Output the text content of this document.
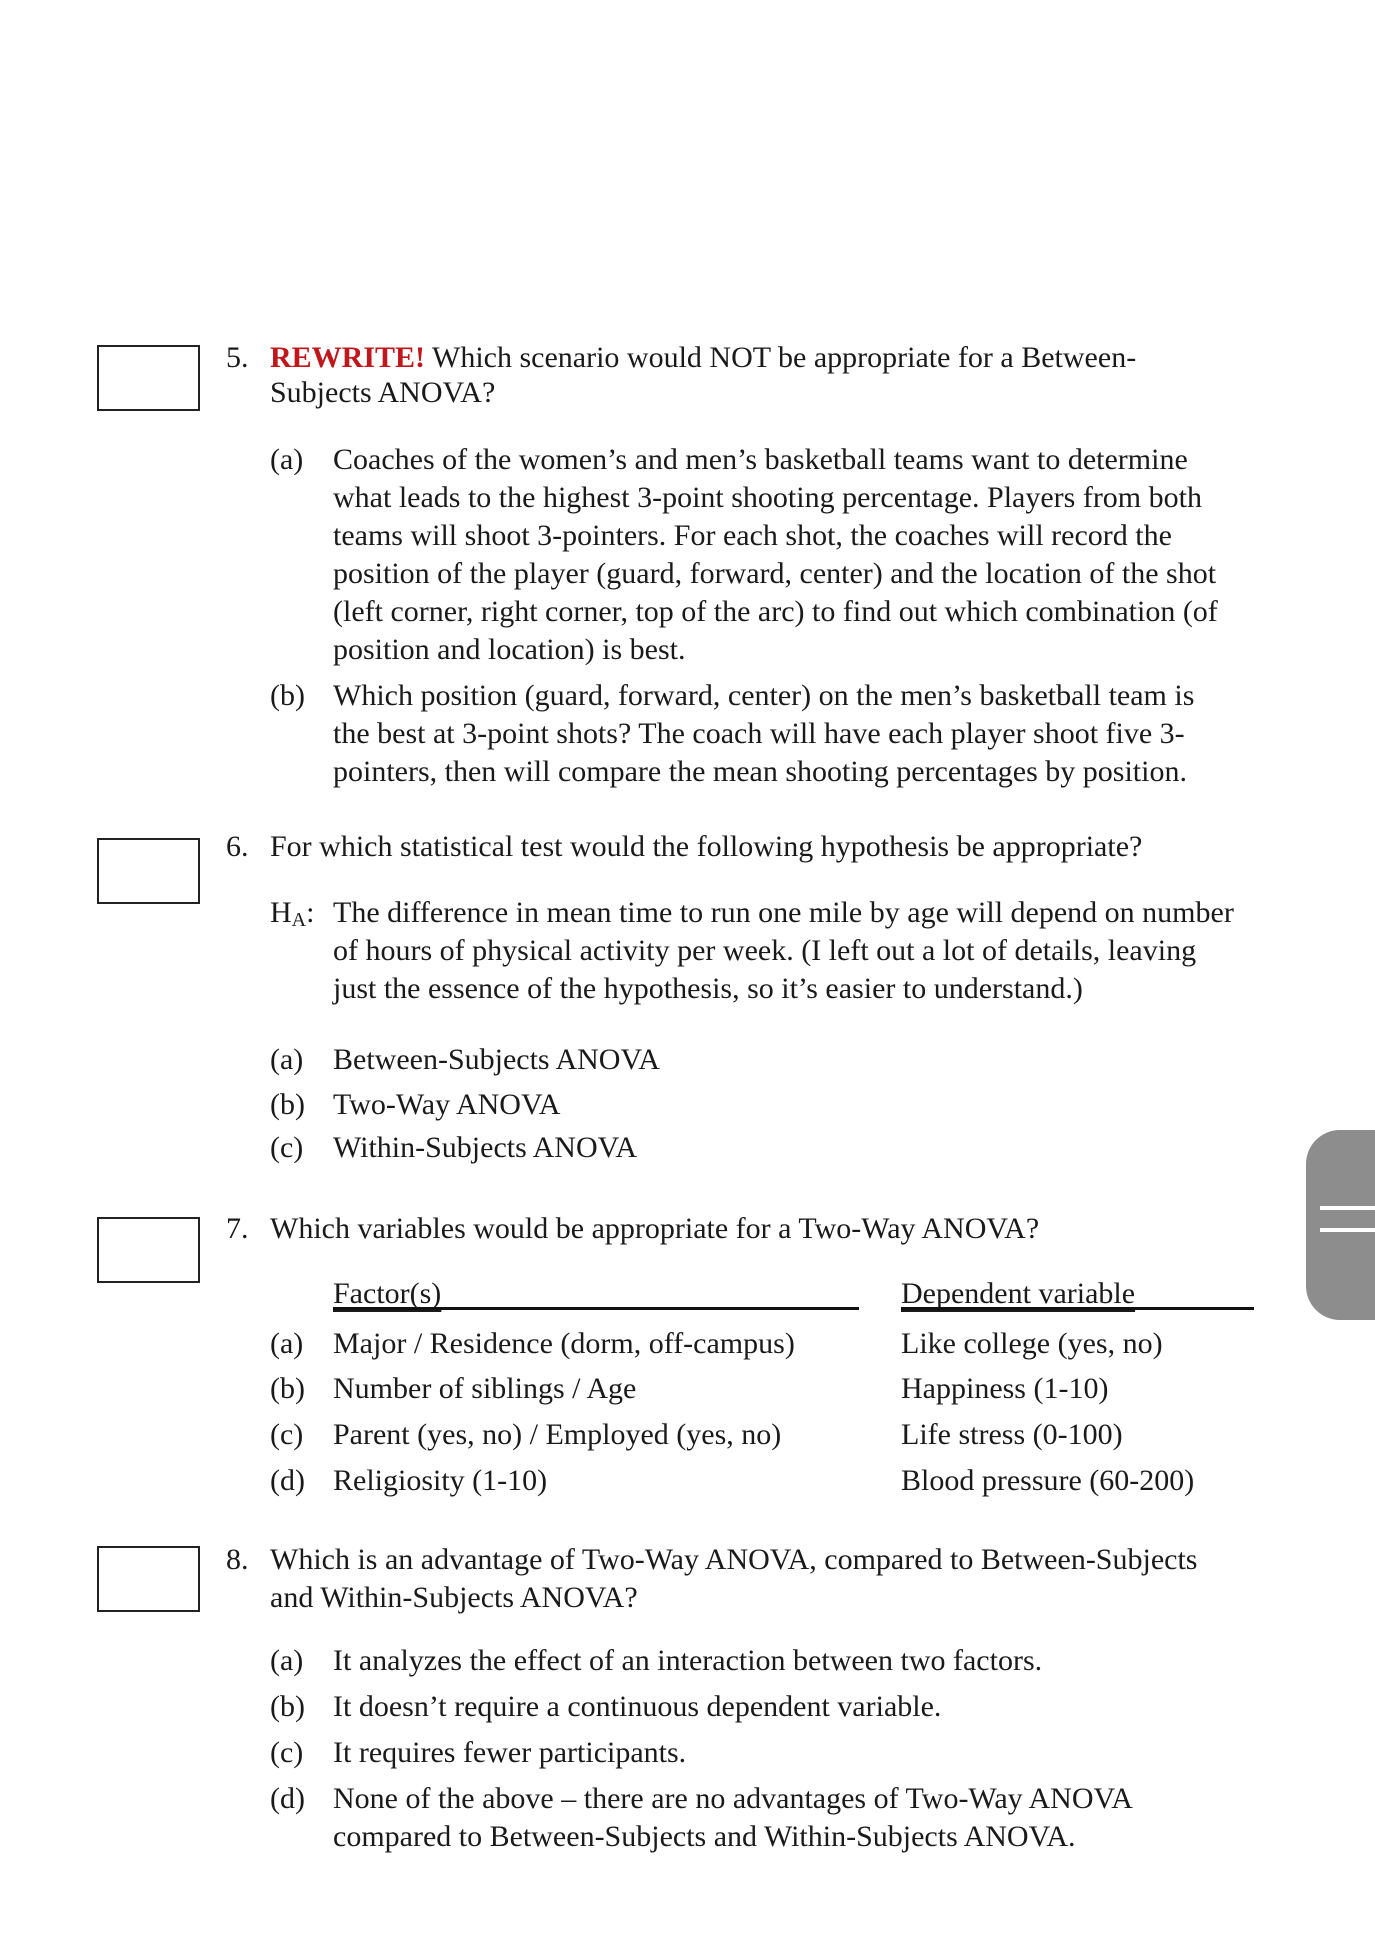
5. REWRITE! Which scenario would NOT be appropriate for a Between-
Subjects ANOVA?
(a) Coaches of the women’s and men’s basketball teams want to determine
what leads to the highest 3-point shooting percentage. Players from both
teams will shoot 3-pointers. For each shot, the coaches will record the
position of the player (guard, forward, center) and the location of the shot
(left corner, right corner, top of the arc) to find out which combination (of
position and location) is best.
(b) Which position (guard, forward, center) on the men’s basketball team is
the best at 3-point shots? The coach will have each player shoot five 3-
pointers, then will compare the mean shooting percentages by position.
6. For which statistical test would the following hypothesis be appropriate?
$H_A$: The difference in mean time to run one mile by age will depend on number
of hours of physical activity per week. (I left out a lot of details, leaving
just the essence of the hypothesis, so it’s easier to understand.)
(a) Between-Subjects ANOVA
(b) Two-Way ANOVA
(c) Within-Subjects ANOVA
7. Which variables would be appropriate for a Two-Way ANOVA?
Factor(s)	Dependent variable
(a) Major / Residence (dorm, off-campus)	Like college (yes, no)
(b) Number of siblings / Age	Happiness (1-10)
(c) Parent (yes, no) / Employed (yes, no)	Life stress (0-100)
(d) Religiosity (1-10)	Blood pressure (60-200)
8. Which is an advantage of Two-Way ANOVA, compared to Between-Subjects
and Within-Subjects ANOVA?
(a) It analyzes the effect of an interaction between two factors.
(b) It doesn’t require a continuous dependent variable.
(c) It requires fewer participants.
(d) None of the above – there are no advantages of Two-Way ANOVA
compared to Between-Subjects and Within-Subjects ANOVA.
